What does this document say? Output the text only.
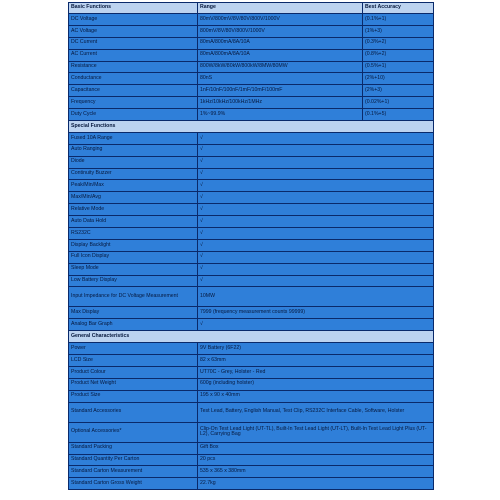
Basic Functions	Range	Best Accuracy
DC Voltage	80mV/800mV/8V/80V/800V/1000V	(0.1%+1)
AC Voltage	800mV/8V/80V/800V/1000V	(1%+3)
DC Current	80mA/800mA/8A/10A	(0.3%+2)
AC Current	80mA/800mA/8A/10A	(0.8%+2)
Resistance	800W/8kW/80kW/800kW/8MW/80MW	(0.5%+1)
Conductance	80nS	(2%+10)
Capacitance	1nF/10nF/100nF/1mF/10mF/100mF	(2%+3)
Frequency	1kHz/10kHz/100kHz/1MHz	(0.02%+1)
Duty Cycle	1%~99.9%	(0.1%+5)
Special Functions		
Fused 10A Range	√	
Auto Ranging	√	
Diode	√	
Continuity Buzzer	√	
Peak/Min/Max	√	
Max/Min/Avg	√	
Relative Mode	√	
Auto Data Hold	√	
RS232C	√	
Display Backlight	√	
Full Icon Display	√	
Sleep Mode	√	
Low Battery Display	√	
Input Impedance for DC Voltage Measurement	10MW	
Max Display	7999 (frequency measurement counts 99999)	
Analog Bar Graph	√	
General Characteristics		
Power	9V Battery (6F22)	
LCD Size	82 x 63mm	
Product Colour	UT70C - Grey, Holster - Red	
Product Net Weight	600g (including holster)	
Product Size	195 x 90 x 40mm	
Standard Accessories	Test Lead, Battery, English Manual, Test Clip, RS232C Interface Cable, Software, Holster	
Optional Accessories*	Clip-On Test Lead Light (UT-TL), Built-In Test Lead Light (UT-LT), Built-In Test Lead Light Plus (UT-L2), Carrying Bag	
Standard Packing	Gift Box	
Standard Quantity Per Carton	20 pcs	
Standard Carton Measurement	535 x 365 x 380mm	
Standard Carton Gross Weight	22.7kg	
